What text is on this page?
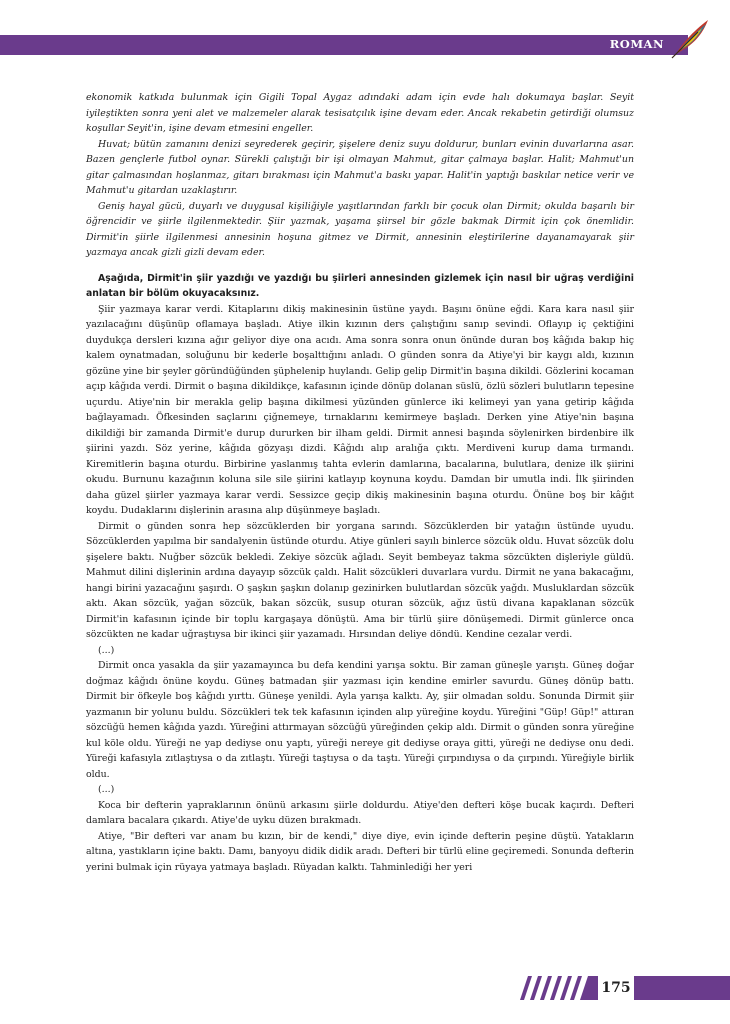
ROMAN

ekonomik katkıda bulunmak için Gigili Topal Aygaz adındaki adam için evde halı dokumaya başlar. Seyit iyileştikten sonra yeni alet ve malzemeler alarak tesisatçılık işine devam eder. Ancak rekabetin getirdiği olumsuz koşullar Seyit'in, işine devam etmesini engeller.

Huvat; bütün zamanını denizi seyrederek geçirir, şişelere deniz suyu doldurur, bunları evinin duvarlarına asar. Bazen gençlerle futbol oynar. Sürekli çalıştığı bir işi olmayan Mahmut, gitar çalmaya başlar. Halit; Mahmut'un gitar çalmasından hoşlanmaz, gitarı bırakması için Mahmut'a baskı yapar. Halit'in yaptığı baskılar netice verir ve Mahmut'u gitardan uzaklaştırır.

Geniş hayal gücü, duyarlı ve duygusal kişiliğiyle yaşıtlarından farklı bir çocuk olan Dirmit; okulda başarılı bir öğrencidir ve şiirle ilgilenmektedir. Şiir yazmak, yaşama şiirsel bir gözle bakmak Dirmit için çok önemlidir. Dirmit'in şiirle ilgilenmesi annesinin hoşuna gitmez ve Dirmit, annesinin eleştirilerine dayanamayarak şiir yazmaya ancak gizli gizli devam eder.

Aşağıda, Dirmit'in şiir yazdığı ve yazdığı bu şiirleri annesinden gizlemek için nasıl bir uğraş verdiğini anlatan bir bölüm okuyacaksınız.

Şiir yazmaya karar verdi. Kitaplarını dikiş makinesinin üstüne yaydı. Başını önüne eğdi. Kara kara nasıl şiir yazılacağını düşünüp oflamaya başladı. Atiye ilkin kızının ders çalıştığını sanıp sevindi. Oflayıp iç çektiğini duydukça dersleri kızına ağır geliyor diye ona acıdı. Ama sonra sonra onun önünde duran boş kâğıda bakıp hiç kalem oynatmadan, soluğunu bir kederle boşalttığını anladı. O günden sonra da Atiye'yi bir kaygı aldı, kızının gözüne yine bir şeyler göründüğünden şüphelenip huylandı. Gelip gelip Dirmit'in başına dikildi. Gözlerini kocaman açıp kâğıda verdi. Dirmit o başına dikildikçe, kafasının içinde dönüp dolanan süslü, özlü sözleri bulutların tepesine uçurdu. Atiye'nin bir merakla gelip başına dikilmesi yüzünden günlerce iki kelimeyi yan yana getirip kâğıda bağlayamadı. Öfkesinden saçlarını çiğnemeye, tırnaklarını kemirmeye başladı. Derken yine Atiye'nin başına dikildiği bir zamanda Dirmit'e durup dururken bir ilham geldi. Dirmit annesi başında söylenirken birdenbire ilk şiirini yazdı. Söz yerine, kâğıda gözyaşı dizdi. Kâğıdı alıp aralığa çıktı. Merdiveni kurup dama tırmandı. Kiremitlerin başına oturdu. Birbirine yaslanmış tahta evlerin damlarına, bacalarına, bulutlara, denize ilk şiirini okudu. Burnunu kazağının koluna sile sile şiirini katlayıp koynuna koydu. Damdan bir umutla indi. İlk şiirinden daha güzel şiirler yazmaya karar verdi. Sessizce geçip dikiş makinesinin başına oturdu. Önüne boş bir kâğıt koydu. Dudaklarını dişlerinin arasına alıp düşünmeye başladı.

Dirmit o günden sonra hep sözcüklerden bir yorgana sarındı. Sözcüklerden bir yatağın üstünde uyudu. Sözcüklerden yapılma bir sandalyenin üstünde oturdu. Atiye günleri sayılı binlerce sözcük oldu. Huvat sözcük dolu şişelere baktı. Nuğber sözcük bekledi. Zekiye sözcük ağladı. Seyit bembeyaz takma sözcükten dişleriyle güldü. Mahmut dilini dişlerinin ardına dayayıp sözcük çaldı. Halit sözcükleri duvarlara vurdu. Dirmit ne yana bakacağını, hangi birini yazacağını şaşırdı. O şaşkın şaşkın dolanıp gezinirken bulutlardan sözcük yağdı. Musluklardan sözcük aktı. Akan sözcük, yağan sözcük, bakan sözcük, susup oturan sözcük, ağız üstü divana kapaklanan sözcük Dirmit'in kafasının içinde bir toplu kargaşaya dönüştü. Ama bir türlü şiire dönüşemedi. Dirmit günlerce onca sözcükten ne kadar uğraştıysa bir ikinci şiir yazamadı. Hırsından deliye döndü. Kendine cezalar verdi.

(...)

Dirmit onca yasakla da şiir yazamayınca bu defa kendini yarışa soktu. Bir zaman güneşle yarıştı. Güneş doğar doğmaz kâğıdı önüne koydu. Güneş batmadan şiir yazması için kendine emirler savurdu. Güneş dönüp battı. Dirmit bir öfkeyle boş kâğıdı yırttı. Güneşe yenildi. Ayla yarışa kalktı. Ay, şiir olmadan soldu. Sonunda Dirmit şiir yazmanın bir yolunu buldu. Sözcükleri tek tek kafasının içinden alıp yüreğine koydu. Yüreğini "Güp! Güp!" attıran sözcüğü hemen kâğıda yazdı. Yüreğini attırmayan sözcüğü yüreğinden çekip aldı. Dirmit o günden sonra yüreğine kul köle oldu. Yüreği ne yap dediyse onu yaptı, yüreği nereye git dediyse oraya gitti, yüreği ne dediyse onu dedi. Yüreği kafasıyla zıtlaştıysa o da zıtlaştı. Yüreği taştıysa o da taştı. Yüreği çırpındıysa o da çırpındı. Yüreğiyle birlik oldu.

(...)

Koca bir defterin yapraklarının önünü arkasını şiirle doldurdu. Atiye'den defteri köşe bucak kaçırdı. Defteri damlara bacalara çıkardı. Atiye'de uyku düzen bırakmadı.

Atiye, "Bir defteri var anam bu kızın, bir de kendi," diye diye, evin içinde defterin peşine düştü. Yatakların altına, yastıkların içine baktı. Damı, banyoyu didik didik aradı. Defteri bir türlü eline geçiremedi. Sonunda defterin yerini bulmak için rüyaya yatmaya başladı. Rüyadan kalktı. Tahminlediği her yeri

175
